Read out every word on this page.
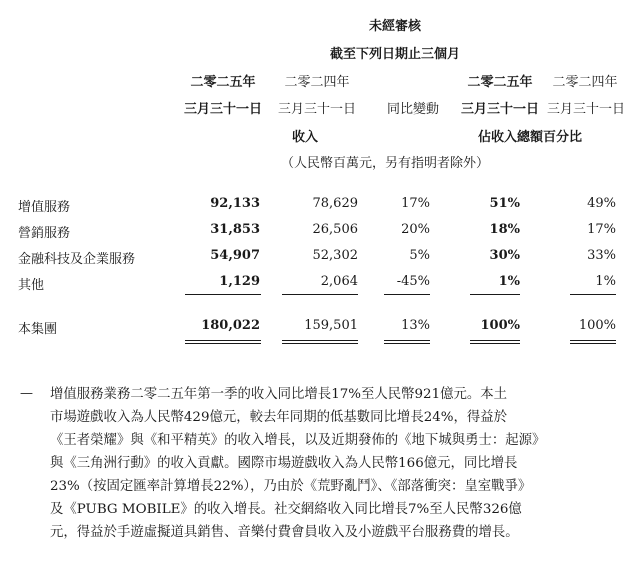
未經審核
截至下列日期止三個月
二零二五年	二零二四年	二零二五年	二零二四年
三月三十一日	三月三十一日	同比變動	三月三十一日 三月三十一日
收入	佔收入總額百分比
（人民幣百萬元，另有指明者除外）
增值服務	92,133	78,629	17%	51%	49%
營銷服務	31,853	26,506	20%	18%	17%
金融科技及企業服務	54,907	52,302	5%	30%	33%
其他	1,129	2,064	-45%	1%	1%
本集團	180,022	159,501	13%	100%	100%
— 增值服務業務二零二五年第一季的收入同比增長17%至人民幣921億元。本土
市場遊戲收入為人民幣429億元，較去年同期的低基數同比增長24%，得益於
《王者榮耀》與《和平精英》的收入增長，以及近期發佈的《地下城與勇士：起源》
與《三角洲行動》的收入貢獻。國際市場遊戲收入為人民幣166億元，同比增長
23%（按固定匯率計算增長22%），乃由於《荒野亂鬥》、《部落衝突：皇室戰爭》
及《PUBG MOBILE》的收入增長。社交網絡收入同比增長7%至人民幣326億
元，得益於手遊虛擬道具銷售、音樂付費會員收入及小遊戲平台服務費的增長。
